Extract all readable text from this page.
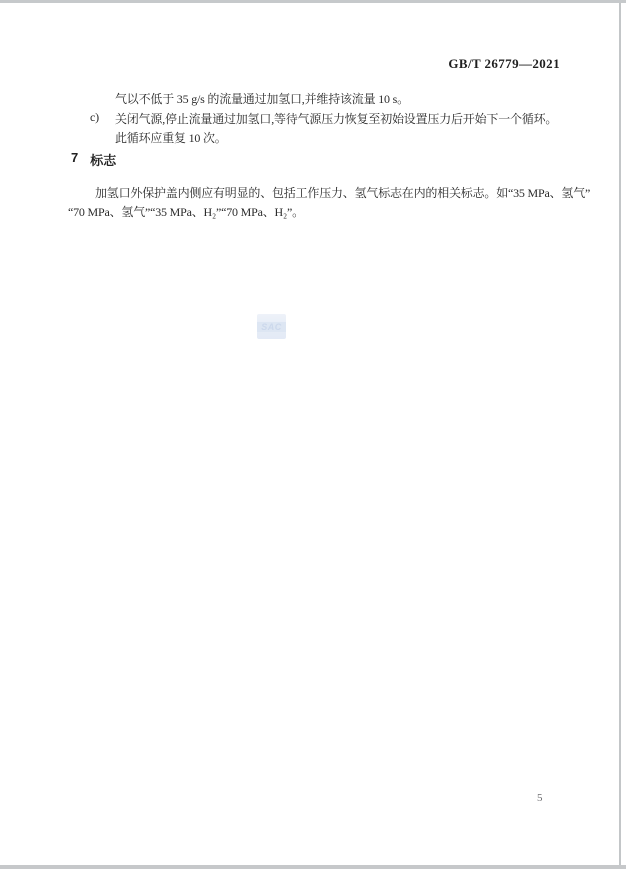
GB/T 26779—2021
气以不低于 35 g/s 的流量通过加氢口,并维持该流量 10 s。
c) 关闭气源,停止流量通过加氢口,等待气源压力恢复至初始设置压力后开始下一个循环。
此循环应重复 10 次。
7 标志
加氢口外保护盖内侧应有明显的、包括工作压力、氢气标志在内的相关标志。如“35 MPa、氢气”
“70 MPa、氢气”“35 MPa、H₂”“70 MPa、H₂”。
SAC
5
